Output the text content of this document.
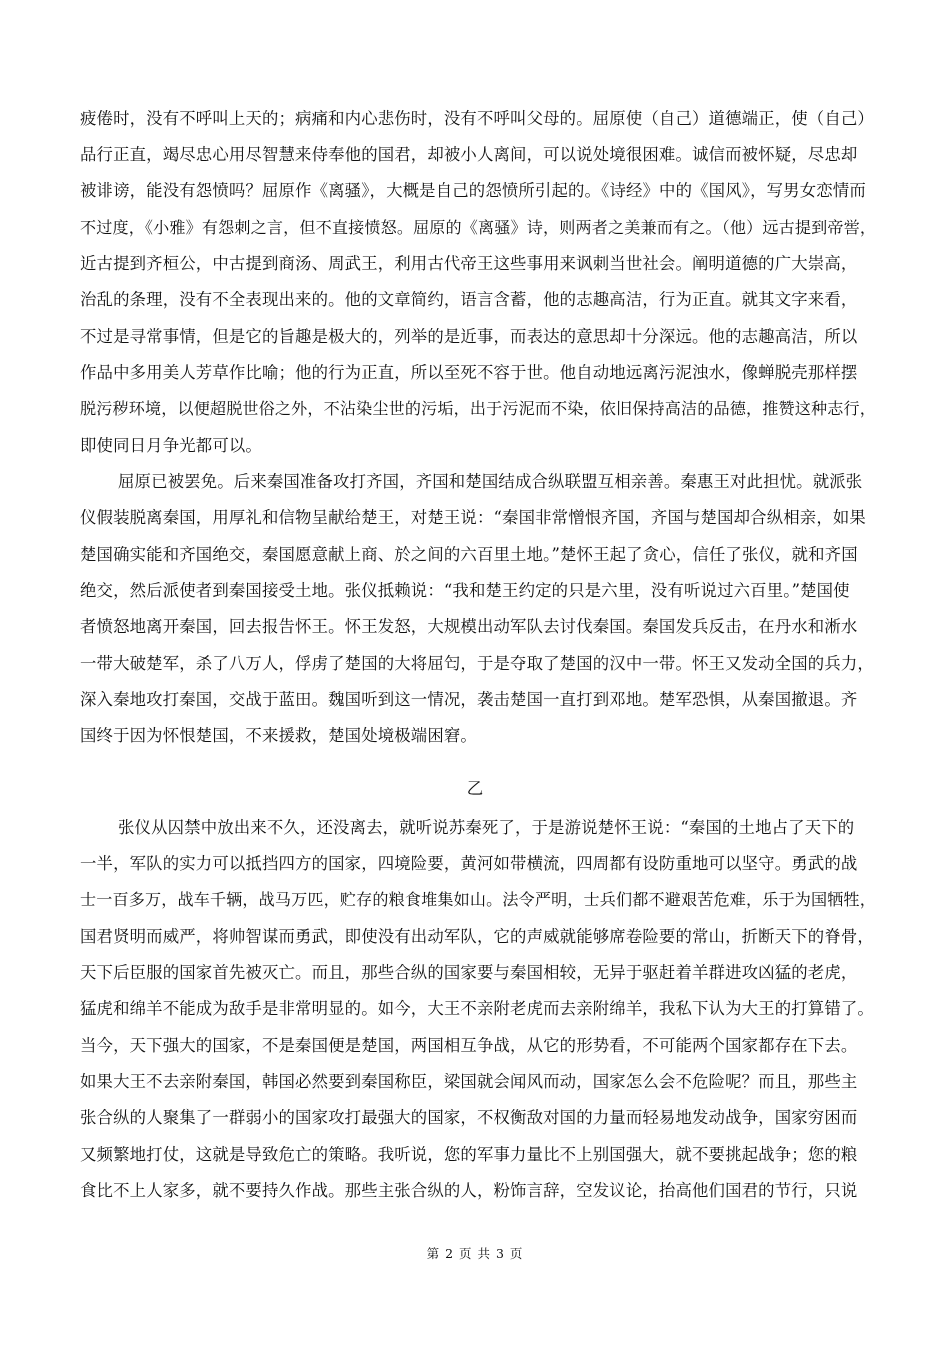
疲倦时，没有不呼叫上天的；病痛和内心悲伤时，没有不呼叫父母的。屈原使（自己）道德端正，使（自己）
品行正直，竭尽忠心用尽智慧来侍奉他的国君，却被小人离间，可以说处境很困难。诚信而被怀疑，尽忠却
被诽谤，能没有怨愤吗？屈原作《离骚》，大概是自己的怨愤所引起的。《诗经》中的《国风》，写男女恋情而
不过度，《小雅》有怨刺之言，但不直接愤怒。屈原的《离骚》诗，则两者之美兼而有之。（他）远古提到帝喾，
近古提到齐桓公，中古提到商汤、周武王，利用古代帝王这些事用来讽刺当世社会。阐明道德的广大崇高，
治乱的条理，没有不全表现出来的。他的文章简约，语言含蓄，他的志趣高洁，行为正直。就其文字来看，
不过是寻常事情，但是它的旨趣是极大的，列举的是近事，而表达的意思却十分深远。他的志趣高洁，所以
作品中多用美人芳草作比喻；他的行为正直，所以至死不容于世。他自动地远离污泥浊水，像蝉脱壳那样摆
脱污秽环境，以便超脱世俗之外，不沾染尘世的污垢，出于污泥而不染，依旧保持高洁的品德，推赞这种志行，
即使同日月争光都可以。
屈原已被罢免。后来秦国准备攻打齐国，齐国和楚国结成合纵联盟互相亲善。秦惠王对此担忧。就派张
仪假装脱离秦国，用厚礼和信物呈献给楚王，对楚王说：“秦国非常憎恨齐国，齐国与楚国却合纵相亲，如果
楚国确实能和齐国绝交，秦国愿意献上商、於之间的六百里土地。”楚怀王起了贪心，信任了张仪，就和齐国
绝交，然后派使者到秦国接受土地。张仪抵赖说：“我和楚王约定的只是六里，没有听说过六百里。”楚国使
者愤怒地离开秦国，回去报告怀王。怀王发怒，大规模出动军队去讨伐秦国。秦国发兵反击，在丹水和淅水
一带大破楚军，杀了八万人，俘虏了楚国的大将屈匄，于是夺取了楚国的汉中一带。怀王又发动全国的兵力，
深入秦地攻打秦国，交战于蓝田。魏国听到这一情况，袭击楚国一直打到邓地。楚军恐惧，从秦国撤退。齐
国终于因为怀恨楚国，不来援救，楚国处境极端困窘。
乙
张仪从囚禁中放出来不久，还没离去，就听说苏秦死了，于是游说楚怀王说：“秦国的土地占了天下的
一半，军队的实力可以抵挡四方的国家，四境险要，黄河如带横流，四周都有设防重地可以坚守。勇武的战
士一百多万，战车千辆，战马万匹，贮存的粮食堆集如山。法令严明，士兵们都不避艰苦危难，乐于为国牺牲，
国君贤明而威严，将帅智谋而勇武，即使没有出动军队，它的声威就能够席卷险要的常山，折断天下的脊骨，
天下后臣服的国家首先被灭亡。而且，那些合纵的国家要与秦国相较，无异于驱赶着羊群进攻凶猛的老虎，
猛虎和绵羊不能成为敌手是非常明显的。如今，大王不亲附老虎而去亲附绵羊，我私下认为大王的打算错了。
当今，天下强大的国家，不是秦国便是楚国，两国相互争战，从它的形势看，不可能两个国家都存在下去。
如果大王不去亲附秦国，韩国必然要到秦国称臣，梁国就会闻风而动，国家怎么会不危险呢？而且，那些主
张合纵的人聚集了一群弱小的国家攻打最强大的国家，不权衡敌对国的力量而轻易地发动战争，国家穷困而
又频繁地打仗，这就是导致危亡的策略。我听说，您的军事力量比不上别国强大，就不要挑起战争；您的粮
食比不上人家多，就不要持久作战。那些主张合纵的人，粉饰言辞，空发议论，抬高他们国君的节行，只说
第 2 页 共 3 页
